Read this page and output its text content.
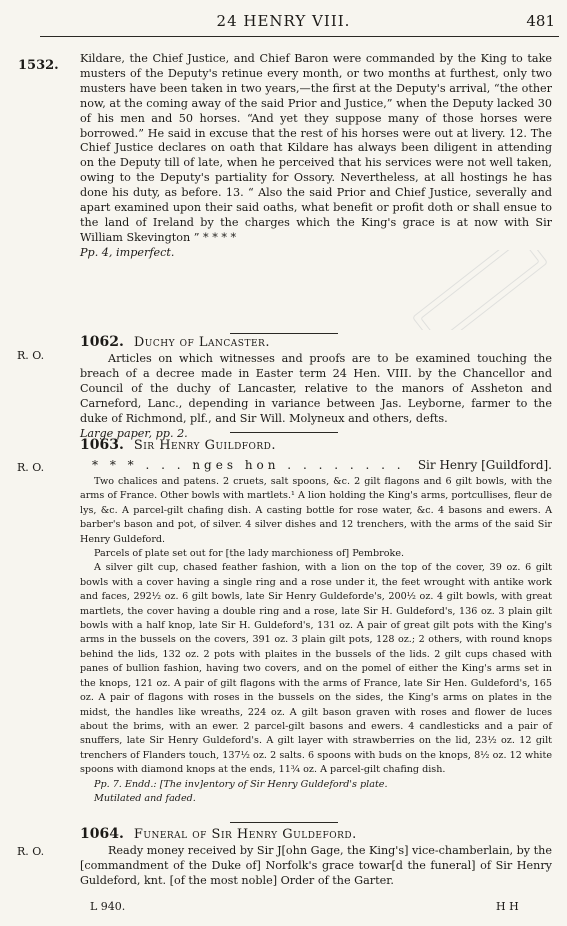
24 HENRY VIII.	481
1532. Kildare, the Chief Justice, and Chief Baron were commanded by the King to take musters of the Deputy's retinue every month, or two months at furthest, only two musters have been taken in two years,—the first at the Deputy's arrival, “the other now, at the coming away of the said Prior and Justice,” when the Deputy lacked 30 of his men and 50 horses. “And yet they suppose many of those horses were borrowed.” He said in excuse that the rest of his horses were out at livery. 12. The Chief Justice declares on oath that Kildare has always been diligent in attending on the Deputy till of late, when he perceived that his services were not well taken, owing to the Deputy's partiality for Ossory. Nevertheless, at all hostings he has done his duty, as before. 13. “ Also the said Prior and Chief Justice, severally and apart examined upon their said oaths, what benefit or profit doth or shall ensue to the land of Ireland by the charges which the King's grace is at now with Sir William Skevington ” * * * *

Pp. 4, imperfect.

R. O.
1062. Duchy of Lancaster.

Articles on which witnesses and proofs are to be examined touching the breach of a decree made in Easter term 24 Hen. VIII. by the Chancellor and Council of the duchy of Lancaster, relative to the manors of Assheton and Carneford, Lanc., depending in variance between Jas. Leyborne, farmer to the duke of Richmond, plf., and Sir Will. Molyneux and others, defts.

Large paper, pp. 2.

1063. Sir Henry Guildford.
R. O.	* * * . . . nges hon . . . . . . . . Sir Henry [Guildford].

Two chalices and patens. 2 cruets, salt spoons, &c. 2 gilt flagons and 6 gilt bowls, with the arms of France. Other bowls with martlets.¹ A lion holding the King's arms, portcullises, fleur de lys, &c. A parcel-gilt chafing dish. A casting bottle for rose water, &c. 4 basons and ewers. A barber's bason and pot, of silver. 4 silver dishes and 12 trenchers, with the arms of the said Sir Henry Guldeford.

Parcels of plate set out for [the lady marchioness of] Pembroke.

A silver gilt cup, chased feather fashion, with a lion on the top of the cover, 39 oz. 6 gilt bowls with a cover having a single ring and a rose under it, the feet wrought with antike work and faces, 292½ oz. 6 gilt bowls, late Sir Henry Guldeforde's, 200½ oz. 4 gilt bowls, with great martlets, the cover having a double ring and a rose, late Sir H. Guldeford's, 136 oz. 3 plain gilt bowls with a half knop, late Sir H. Guldeford's, 131 oz. A pair of great gilt pots with the King's arms in the bussels on the covers, 391 oz. 3 plain gilt pots, 128 oz.; 2 others, with round knops behind the lids, 132 oz. 2 pots with plaites in the bussels of the lids. 2 gilt cups chased with panes of bullion fashion, having two covers, and on the pomel of either the King's arms set in the knops, 121 oz. A pair of gilt flagons with the arms of France, late Sir Hen. Guldeford's, 165 oz. A pair of flagons with roses in the bussels on the sides, the King's arms on plates in the midst, the handles like wreaths, 224 oz. A gilt bason graven with roses and flower de luces about the brims, with an ewer. 2 parcel-gilt basons and ewers. 4 candlesticks and a pair of snuffers, late Sir Henry Guldeford's. A gilt layer with strawberries on the lid, 23½ oz. 12 gilt trenchers of Flanders touch, 137½ oz. 2 salts. 6 spoons with buds on the knops, 8½ oz. 12 white spoons with diamond knops at the ends, 11¾ oz. A parcel-gilt chafing dish.

Pp. 7. Endd.: [The inv]entory of Sir Henry Guldeford's plate.

Mutilated and faded.

1064. Funeral of Sir Henry Guldeford.
R. O.	Ready money received by Sir J[ohn Gage, the King's] vice-chamberlain, by the [commandment of the Duke of] Norfolk's grace towar[d the funeral] of Sir Henry Guldeford, knt. [of the most noble] Order of the Garter.

L 940.	H H
